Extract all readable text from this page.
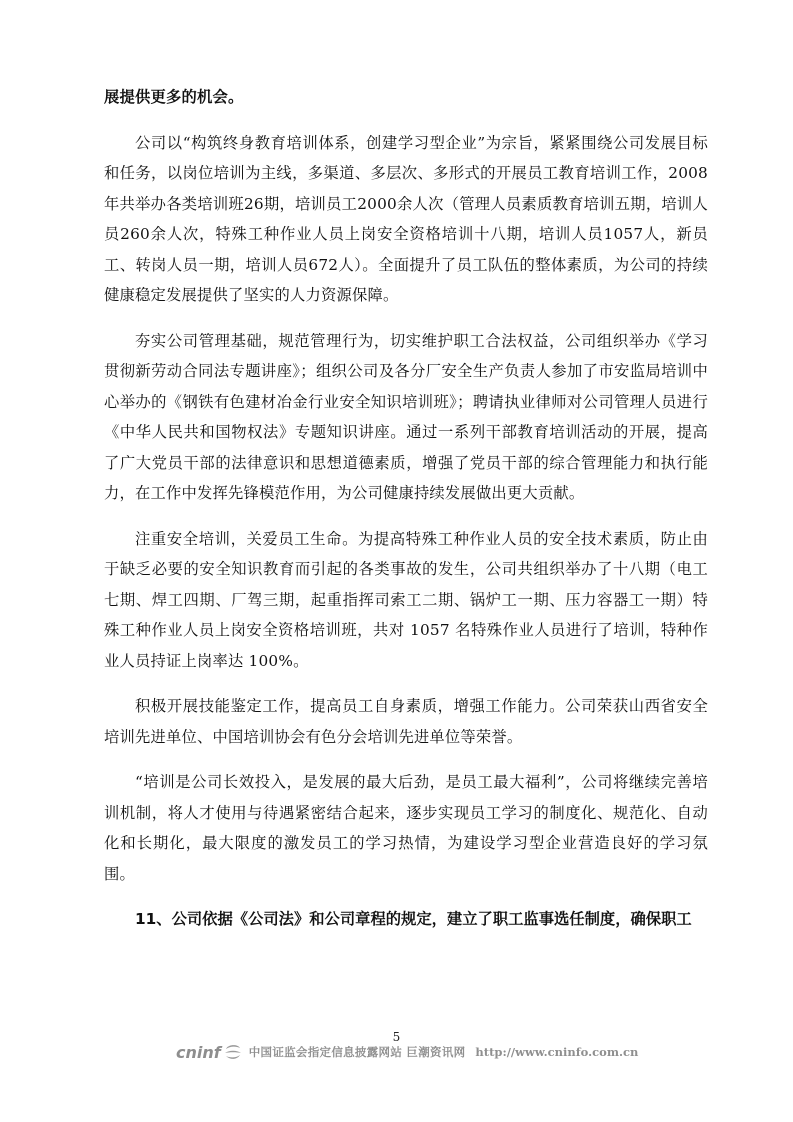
展提供更多的机会。

公司以“构筑终身教育培训体系，创建学习型企业”为宗旨，紧紧围绕公司发展目标和任务，以岗位培训为主线，多渠道、多层次、多形式的开展员工教育培训工作，2008年共举办各类培训班26期，培训员工2000余人次（管理人员素质教育培训五期，培训人员260余人次，特殊工种作业人员上岗安全资格培训十八期，培训人员1057人，新员工、转岗人员一期，培训人员672人）。全面提升了员工队伍的整体素质，为公司的持续健康稳定发展提供了坚实的人力资源保障。

夯实公司管理基础，规范管理行为，切实维护职工合法权益，公司组织举办《学习贯彻新劳动合同法专题讲座》；组织公司及各分厂安全生产负责人参加了市安监局培训中心举办的《钢铁有色建材冶金行业安全知识培训班》；聘请执业律师对公司管理人员进行《中华人民共和国物权法》专题知识讲座。通过一系列干部教育培训活动的开展，提高了广大党员干部的法律意识和思想道德素质，增强了党员干部的综合管理能力和执行能力，在工作中发挥先锋模范作用，为公司健康持续发展做出更大贡献。

注重安全培训，关爱员工生命。为提高特殊工种作业人员的安全技术素质，防止由于缺乏必要的安全知识教育而引起的各类事故的发生，公司共组织举办了十八期（电工七期、焊工四期、厂驾三期，起重指挥司索工二期、锅炉工一期、压力容器工一期）特殊工种作业人员上岗安全资格培训班，共对 1057 名特殊作业人员进行了培训，特种作业人员持证上岗率达 100%。

积极开展技能鉴定工作，提高员工自身素质，增强工作能力。公司荣获山西省安全培训先进单位、中国培训协会有色分会培训先进单位等荣誉。

“培训是公司长效投入，是发展的最大后劲，是员工最大福利”，公司将继续完善培训机制，将人才使用与待遇紧密结合起来，逐步实现员工学习的制度化、规范化、自动化和长期化，最大限度的激发员工的学习热情，为建设学习型企业营造良好的学习氛围。

11、公司依据《公司法》和公司章程的规定，建立了职工监事选任制度，确保职工

5
cninf 中国证监会指定信息披露网站 巨潮资讯网 http://www.cninfo.com.cn
